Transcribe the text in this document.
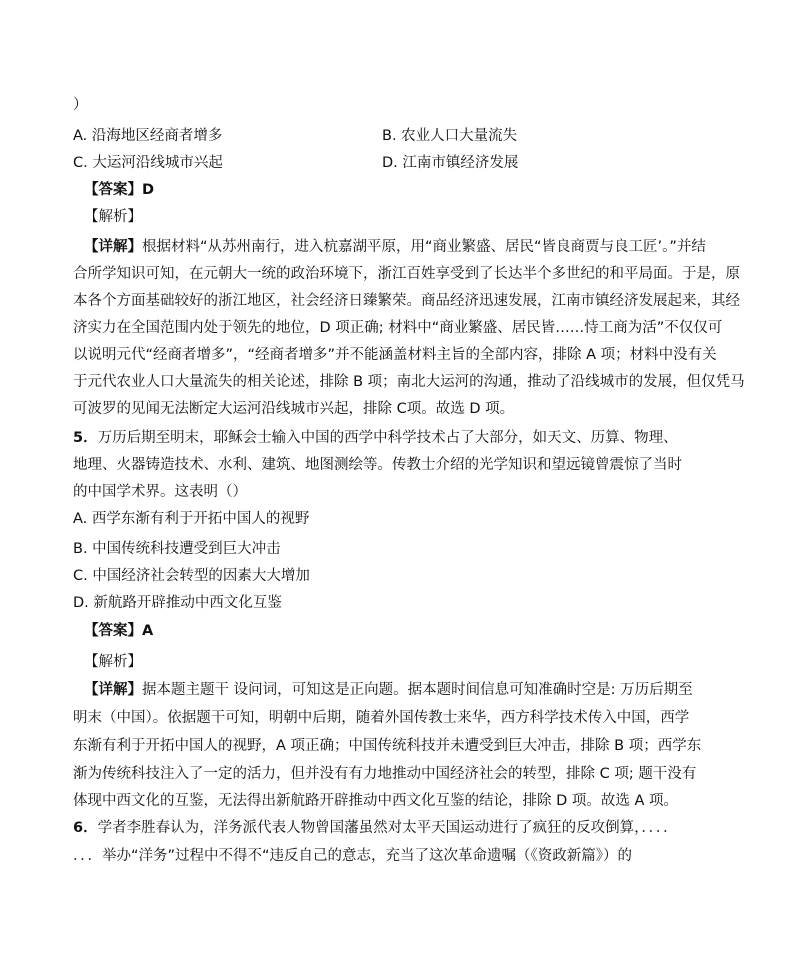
）
A. 沿海地区经商者增多	B. 农业人口大量流失
C. 大运河沿线城市兴起	D. 江南市镇经济发展
【答案】D
【解析】
【详解】根据材料“从苏州南行，进入杭嘉湖平原，用“商业繁盛、居民“皆良商贾与良工匠’。”并结
合所学知识可知，在元朝大一统的政治环境下，浙江百姓享受到了长达半个多世纪的和平局面。于是，原
本各个方面基础较好的浙江地区，社会经济日臻繁荣。商品经济迅速发展，江南市镇经济发展起来，其经
济实力在全国范围内处于领先的地位，D 项正确; 材料中“商业繁盛、居民皆……恃工商为活”不仅仅可
以说明元代“经商者增多”，“经商者增多”并不能涵盖材料主旨的全部内容，排除 A 项；材料中没有关
于元代农业人口大量流失的相关论述，排除 B 项；南北大运河的沟通，推动了沿线城市的发展，但仅凭马
可波罗的见闻无法断定大运河沿线城市兴起，排除 C项。故选 D 项。
5．万历后期至明末，耶稣会士输入中国的西学中科学技术占了大部分，如天文、历算、物理、
地理、火器铸造技术、水利、建筑、地图测绘等。传教士介绍的光学知识和望远镜曾震惊了当时
的中国学术界。这表明（）
A. 西学东渐有利于开拓中国人的视野
B. 中国传统科技遭受到巨大冲击
C. 中国经济社会转型的因素大大增加
D. 新航路开辟推动中西文化互鉴
【答案】A
【解析】
【详解】据本题主题干 设问词，可知这是正向题。据本题时间信息可知准确时空是: 万历后期至
明末（中国）。依据题干可知，明朝中后期，随着外国传教士来华，西方科学技术传入中国，西学
东渐有利于开拓中国人的视野，A 项正确；中国传统科技并未遭受到巨大冲击，排除 B 项；西学东
渐为传统科技注入了一定的活力，但并没有有力地推动中国经济社会的转型，排除 C 项; 题干没有
体现中西文化的互鉴，无法得出新航路开辟推动中西文化互鉴的结论，排除 D 项。故选 A 项。
6．学者李胜春认为，洋务派代表人物曾国藩虽然对太平天国运动进行了疯狂的反攻倒算，．．．．
．．．举办“洋务”过程中不得不“违反自己的意志，充当了这次革命遗嘱（《资政新篇》）的
